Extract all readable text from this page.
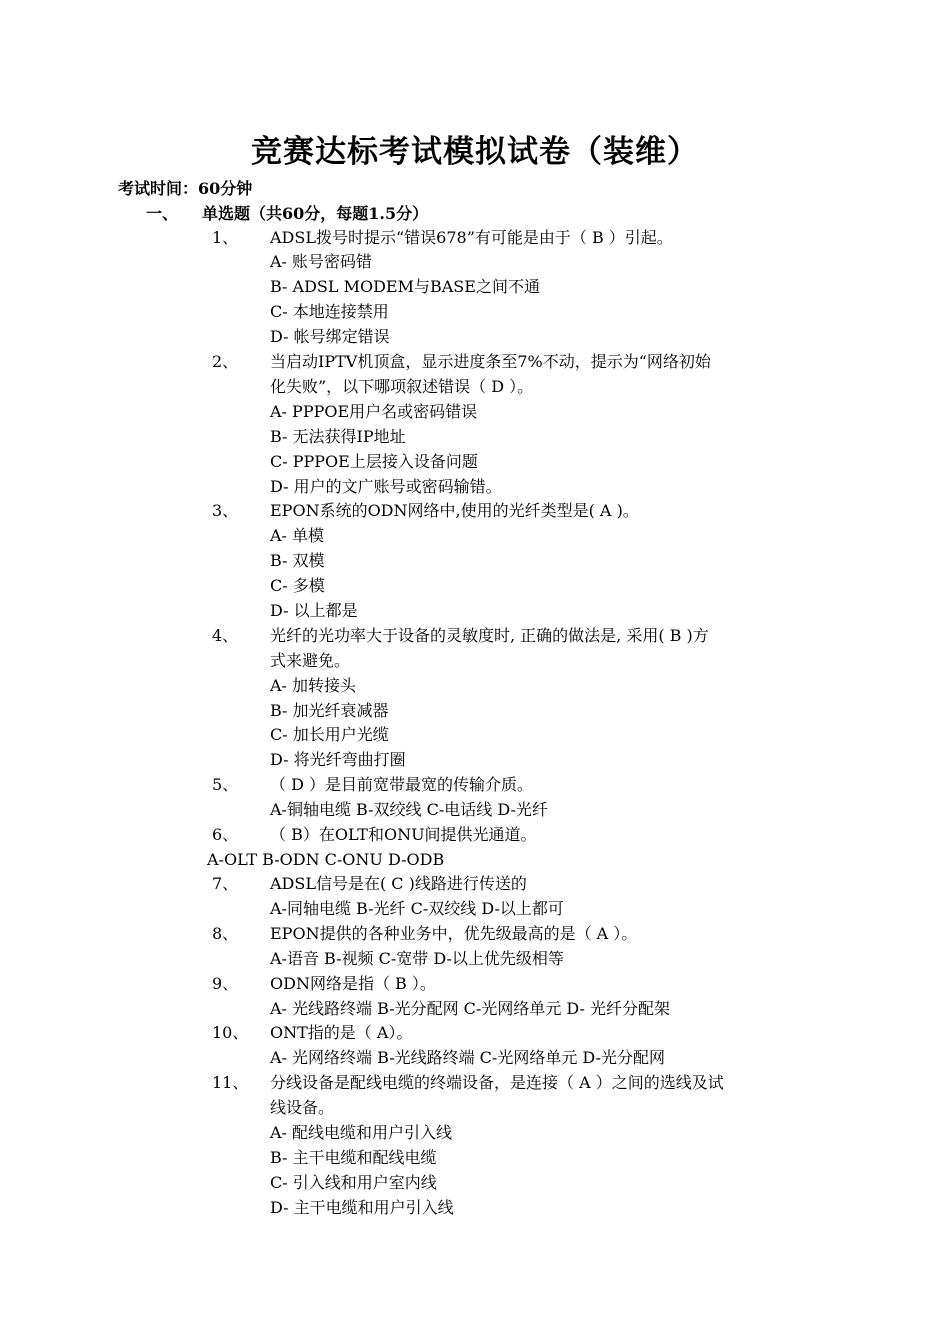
竞赛达标考试模拟试卷（装维）
考试时间：60分钟
一、 单选题（共60分，每题1.5分）
1、 ADSL拨号时提示“错误678”有可能是由于（ B ）引起。
A- 账号密码错
B- ADSL MODEM与BASE之间不通
C- 本地连接禁用
D- 帐号绑定错误
2、 当启动IPTV机顶盒，显示进度条至7%不动，提示为“网络初始
化失败”，以下哪项叙述错误（ D ）。
A- PPPOE用户名或密码错误
B- 无法获得IP地址
C- PPPOE上层接入设备问题
D- 用户的文广账号或密码输错。
3、 EPON系统的ODN网络中,使用的光纤类型是( A )。
A- 单模
B- 双模
C- 多模
D- 以上都是
4、 光纤的光功率大于设备的灵敏度时, 正确的做法是, 采用( B )方
式来避免。
A- 加转接头
B- 加光纤衰减器
C- 加长用户光缆
D- 将光纤弯曲打圈
5、 （ D ）是目前宽带最宽的传输介质。
A-铜轴电缆 B-双绞线 C-电话线 D-光纤
6、 （ B）在OLT和ONU间提供光通道。
A-OLT B-ODN C-ONU D-ODB
7、 ADSL信号是在( C )线路进行传送的
A-同轴电缆 B-光纤 C-双绞线 D-以上都可
8、 EPON提供的各种业务中，优先级最高的是（ A ）。
A-语音 B-视频 C-宽带 D-以上优先级相等
9、 ODN网络是指（ B ）。
A- 光线路终端 B-光分配网 C-光网络单元 D- 光纤分配架
10、 ONT指的是（ A）。
A- 光网络终端 B-光线路终端 C-光网络单元 D-光分配网
11、 分线设备是配线电缆的终端设备，是连接（ A ）之间的选线及试
线设备。
A- 配线电缆和用户引入线
B- 主干电缆和配线电缆
C- 引入线和用户室内线
D- 主干电缆和用户引入线
